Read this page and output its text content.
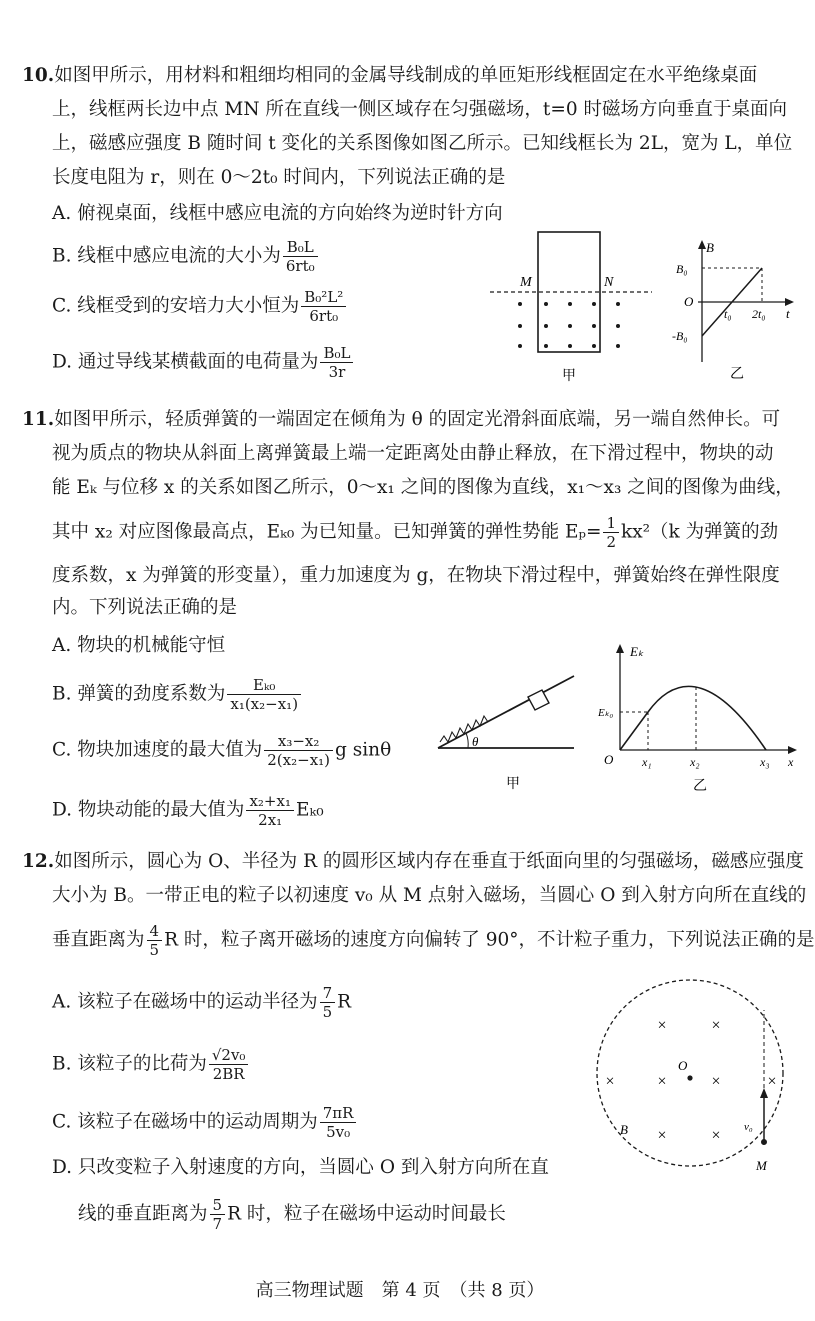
10.如图甲所示，用材料和粗细均相同的金属导线制成的单匝矩形线框固定在水平绝缘桌面
上，线框两长边中点 MN 所在直线一侧区域存在匀强磁场，t=0 时磁场方向垂直于桌面向
上，磁感应强度 B 随时间 t 变化的关系图像如图乙所示。已知线框长为 2L，宽为 L，单位
长度电阻为 r，则在 0～2t₀ 时间内，下列说法正确的是
A. 俯视桌面，线框中感应电流的方向始终为逆时针方向
B. 线框中感应电流的大小为 $\frac{\text{B₀L}}{\text{6rt₀}}$
C. 线框受到的安培力大小恒为 $\frac{\text{B₀²L²}}{\text{6rt₀}}$
D. 通过导线某横截面的电荷量为 $\frac{\text{B₀L}}{3r}$
M	N
甲
B
B₀
O
t₀ 2t₀ t
-B₀
乙
11.如图甲所示，轻质弹簧的一端固定在倾角为 θ 的固定光滑斜面底端，另一端自然伸长。可
视为质点的物块从斜面上离弹簧最上端一定距离处由静止释放，在下滑过程中，物块的动
能 Eₖ 与位移 x 的关系如图乙所示，0～x₁ 之间的图像为直线，x₁～x₃ 之间的图像为曲线，
其中 x₂ 对应图像最高点，Eₖ₀ 为已知量。已知弹簧的弹性势能 $E_p= \frac{1}{2} kx^2(k$ 为弹簧的劲
度系数，x 为弹簧的形变量），重力加速度为 g，在物块下滑过程中，弹簧始终在弹性限度
内。下列说法正确的是
A. 物块的机械能守恒
B. 弹簧的劲度系数为 $\frac{\text{Eₖ₀}}{\text{x₁(x₂−x₁)}}$
C. 物块加速度的最大值为 $\frac{\text{x₃−x₂}}{\text{2(x₂−x₁)}}$ g sinθ
D. 物块动能的最大值为 $\frac{\text{x₂+x₁}}{\text{2x₁}} E_{k0}$
θ
甲
Eₖ
Eₖ₀
O x₁	x₂	x₃ x
乙
12.如图所示，圆心为 O、半径为 R 的圆形区域内存在垂直于纸面向里的匀强磁场，磁感应强度
大小为 B。一带正电的粒子以初速度 v₀ 从 M 点射入磁场，当圆心 O 到入射方向所在直线的
垂直距离为 $\frac{4}{5}$ R 时，粒子离开磁场的速度方向偏转了 90°，不计粒子重力，下列说法正确的是
A. 该粒子在磁场中的运动半径为 $\frac{7}{5}$ R
B. 该粒子的比荷为 $\frac{\text{√2v₀}}{2BR}$
C. 该粒子在磁场中的运动周期为 $\frac{7\pi R}{\text{5v₀}}$
D. 只改变粒子入射速度的方向，当圆心 O 到入射方向所在直
线的垂直距离为 $\frac{5}{7}$ R 时，粒子在磁场中运动时间最长
×	×
×	×	×	×
×	×
O
B	v₀
M
高三物理试题　第 4 页　（共 8 页）
